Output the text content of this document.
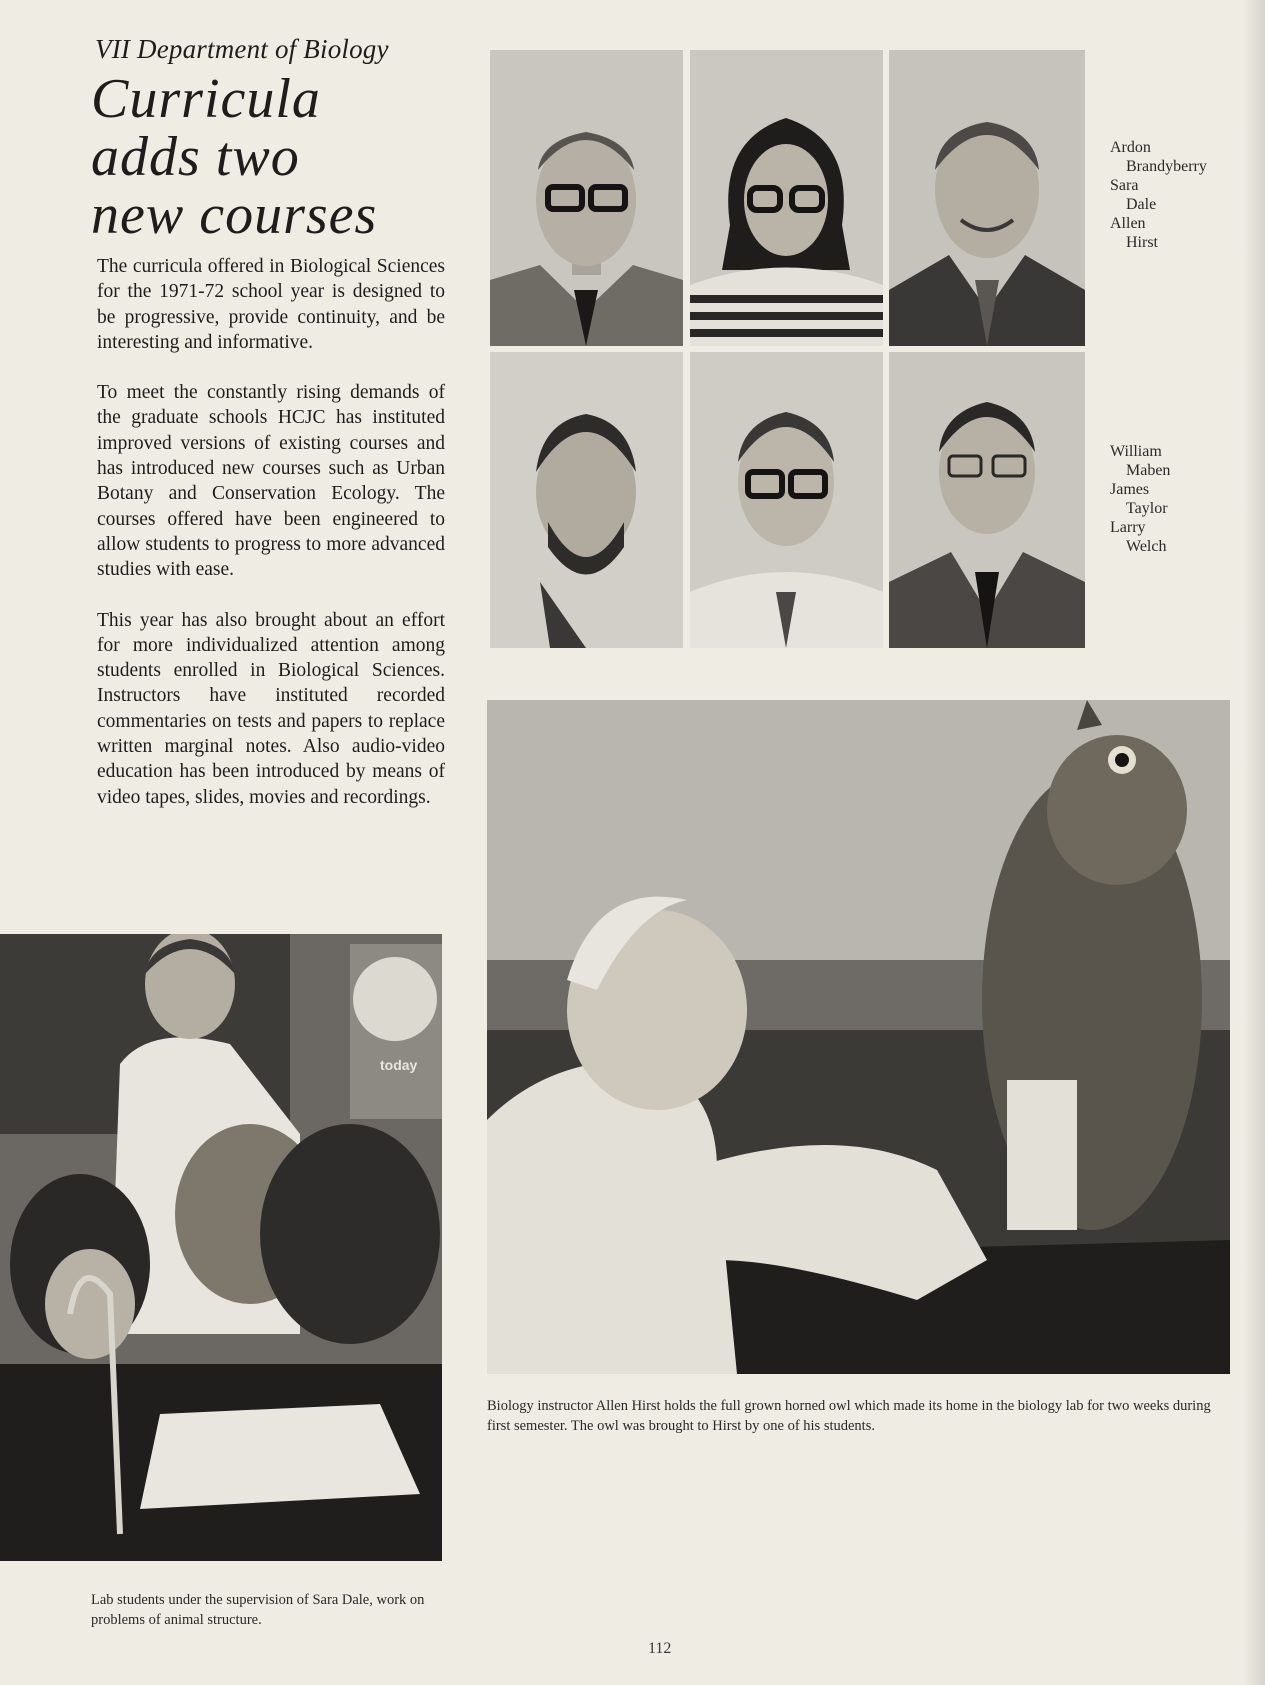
VII Department of Biology
Curricula
adds two
new courses

The curricula offered in Biological Sciences for the 1971-72 school year is designed to be progressive, provide continuity, and be interesting and informative.

To meet the constantly rising demands of the graduate schools HCJC has instituted improved versions of existing courses and has introduced new courses such as Urban Botany and Conservation Ecology. The courses offered have been engineered to allow students to progress to more advanced studies with ease.

This year has also brought about an effort for more individualized attention among students enrolled in Biological Sciences. Instructors have instituted recorded commentaries on tests and papers to replace written marginal notes. Also audio-video education has been introduced by means of video tapes, slides, movies and recordings.

Ardon
Brandyberry
Sara
Dale
Allen
Hirst
William
Maben
James
Taylor
Larry
Welch
today
Biology instructor Allen Hirst holds the full grown horned owl which made its home in the biology lab for two weeks during first semester. The owl was brought to Hirst by one of his students.
Lab students under the supervision of Sara Dale, work on problems of animal structure.
112
